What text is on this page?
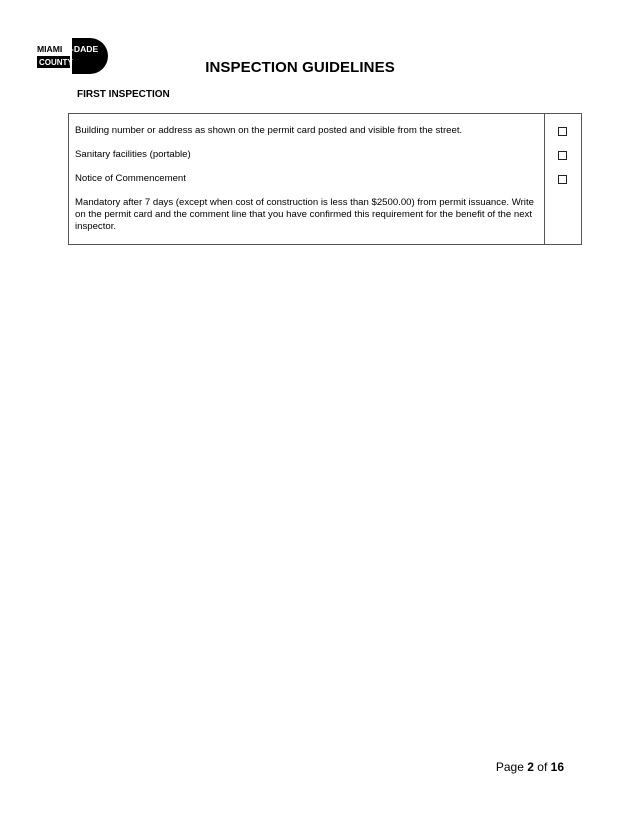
MIAMI -DADE
COUNTY	INSPECTION GUIDELINES
FIRST INSPECTION
Building number or address as shown on the permit card posted and visible from the street.
Sanitary facilities (portable)
Notice of Commencement
Mandatory after 7 days (except when cost of construction is less than $2500.00) from permit issuance. Write on the permit card and the comment line that you have confirmed this requirement for the benefit of the next inspector.
Page 2 of 16
